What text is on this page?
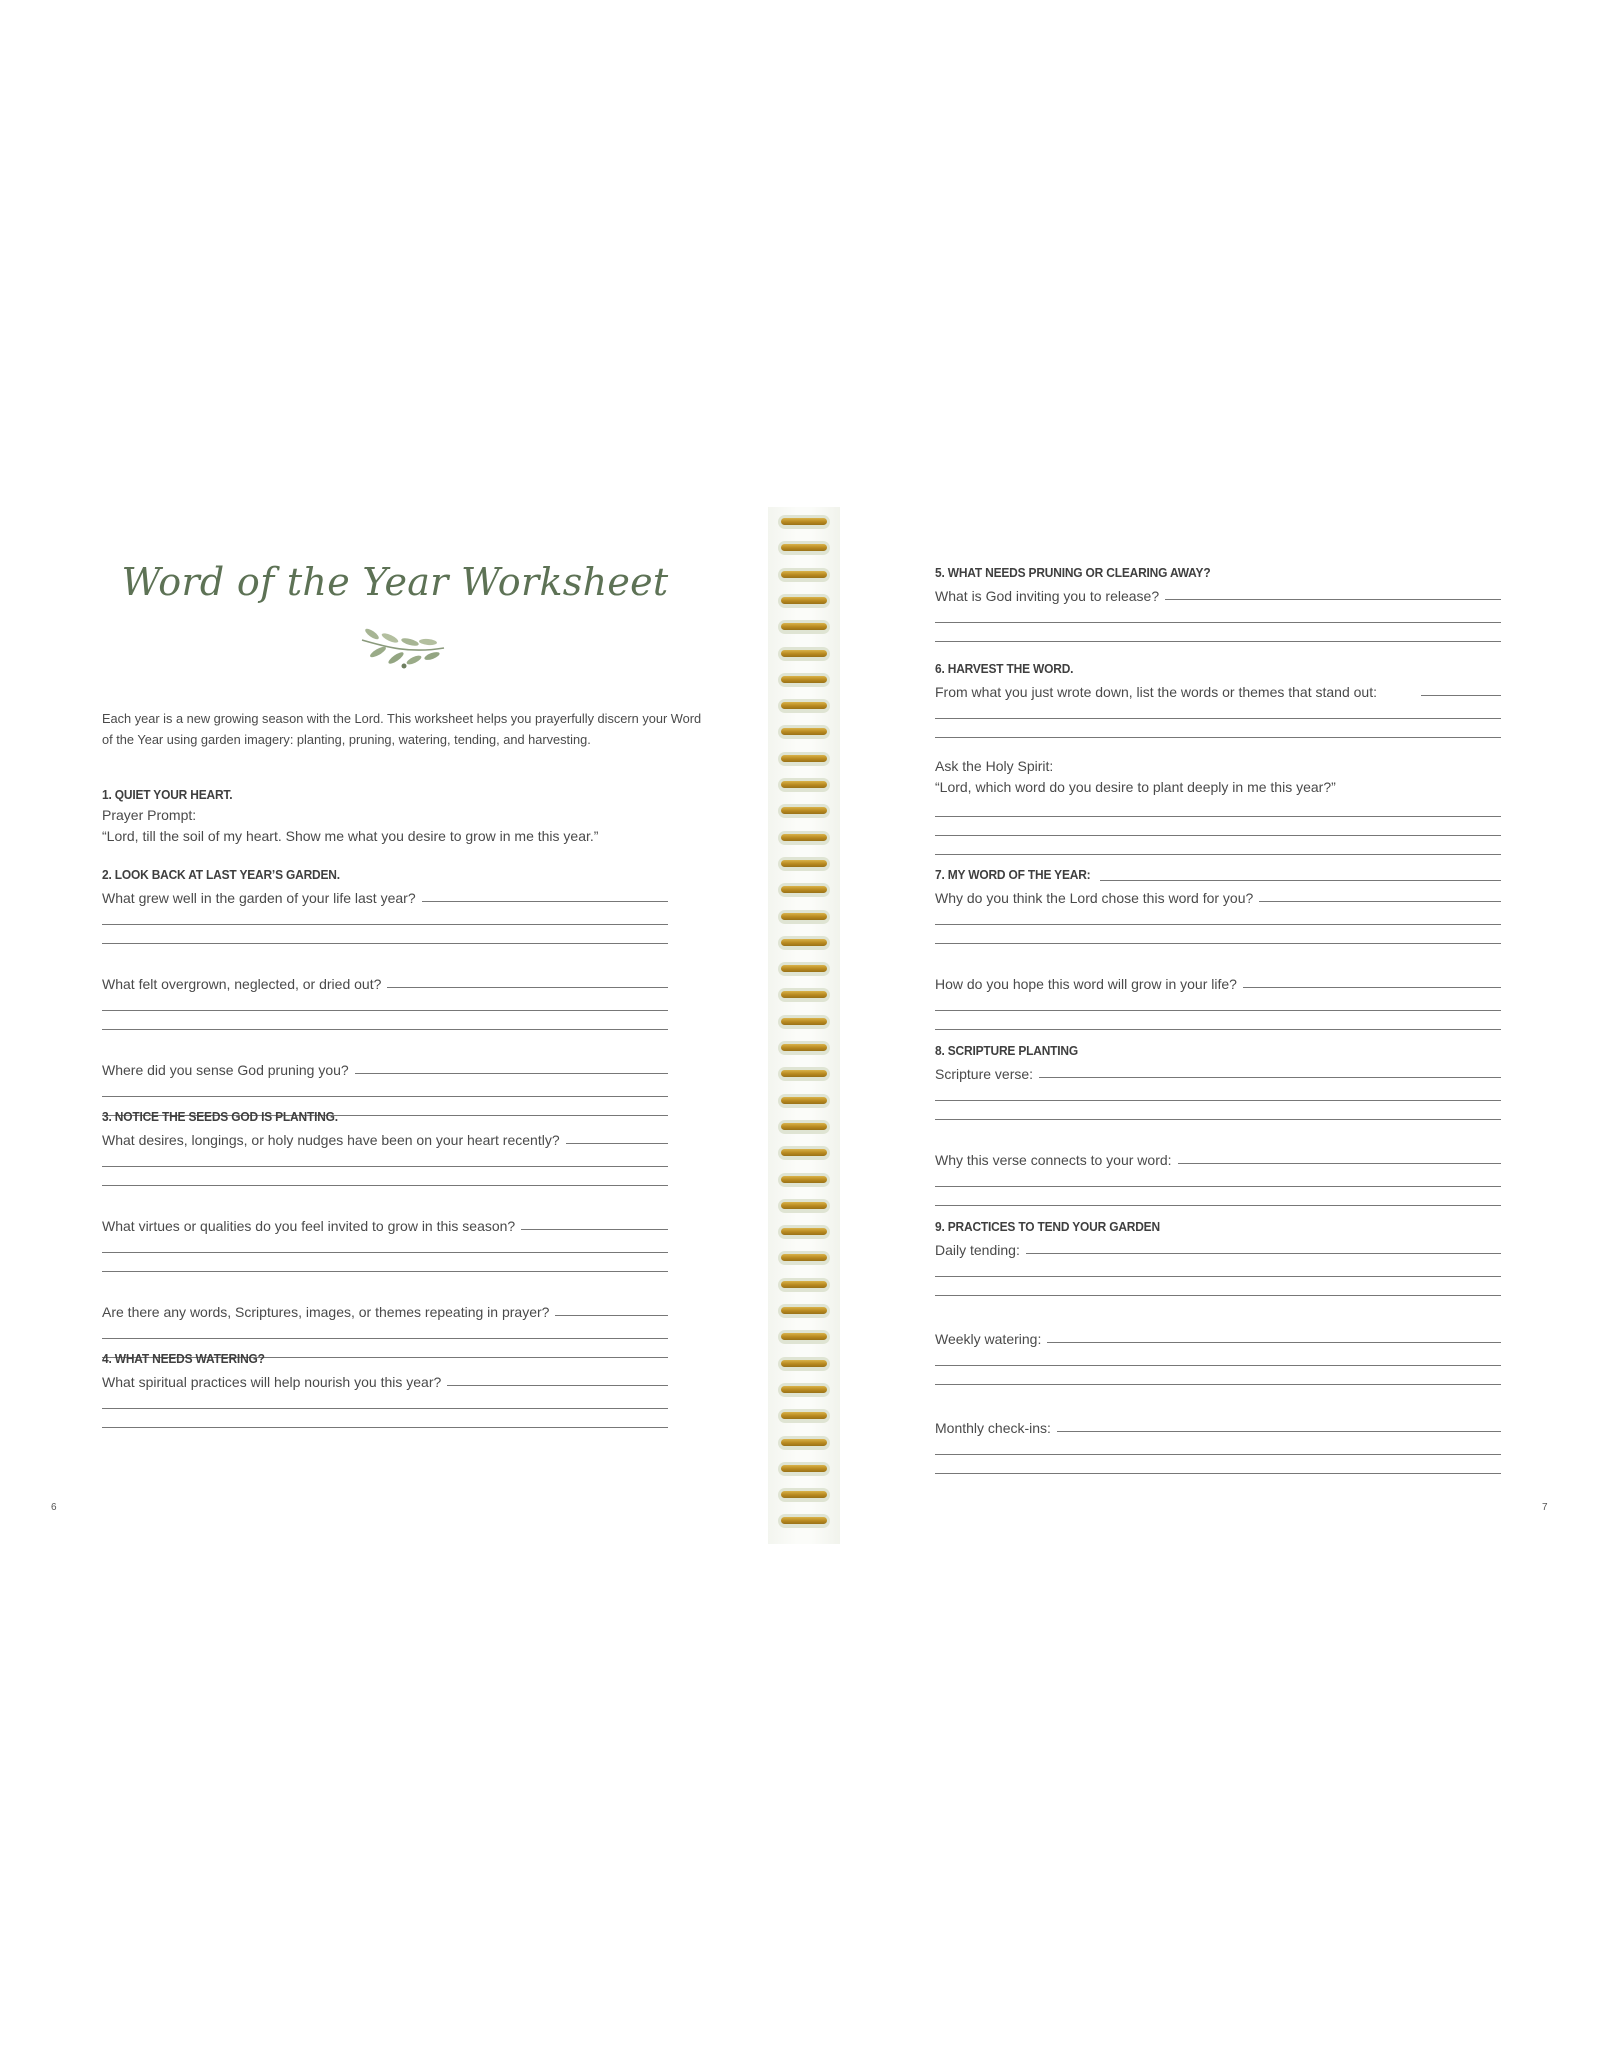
Word of the Year Worksheet
Each year is a new growing season with the Lord. This worksheet helps you prayerfully discern your Word of the Year using garden imagery: planting, pruning, watering, tending, and harvesting.
1. QUIET YOUR HEART.
Prayer Prompt:
“Lord, till the soil of my heart. Show me what you desire to grow in me this year.”
2. LOOK BACK AT LAST YEAR’S GARDEN.
What grew well in the garden of your life last year?
What felt overgrown, neglected, or dried out?
Where did you sense God pruning you?
3. NOTICE THE SEEDS GOD IS PLANTING.
What desires, longings, or holy nudges have been on your heart recently?
What virtues or qualities do you feel invited to grow in this season?
Are there any words, Scriptures, images, or themes repeating in prayer?
4. WHAT NEEDS WATERING?
What spiritual practices will help nourish you this year?
6
5. WHAT NEEDS PRUNING OR CLEARING AWAY?
What is God inviting you to release?
6. HARVEST THE WORD.
From what you just wrote down, list the words or themes that stand out:
Ask the Holy Spirit:
“Lord, which word do you desire to plant deeply in me this year?”
7. MY WORD OF THE YEAR:
Why do you think the Lord chose this word for you?
How do you hope this word will grow in your life?
8. SCRIPTURE PLANTING
Scripture verse:
Why this verse connects to your word:
9. PRACTICES TO TEND YOUR GARDEN
Daily tending:
Weekly watering:
Monthly check-ins:
7
